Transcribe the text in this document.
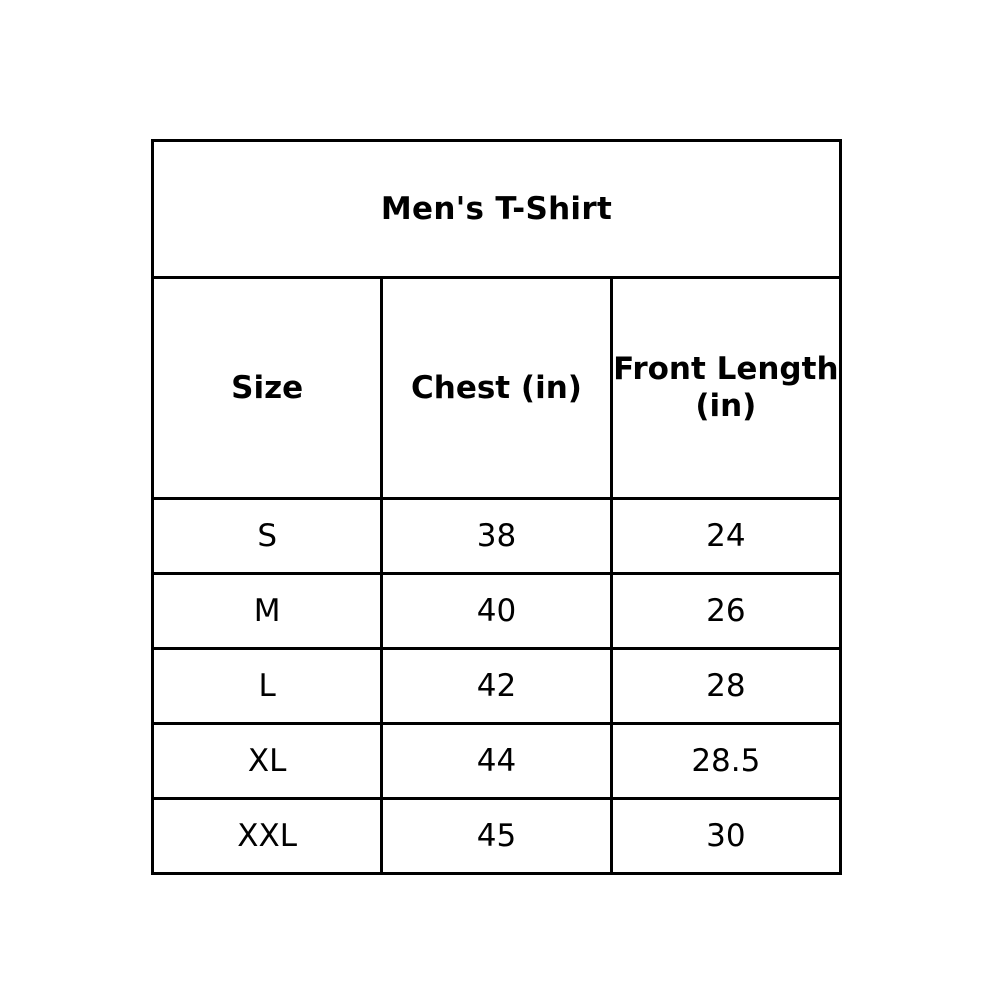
Men's T-Shirt		
Size	Chest (in)	Front Length (in)
S	38	24
M	40	26
L	42	28
XL	44	28.5
XXL	45	30
